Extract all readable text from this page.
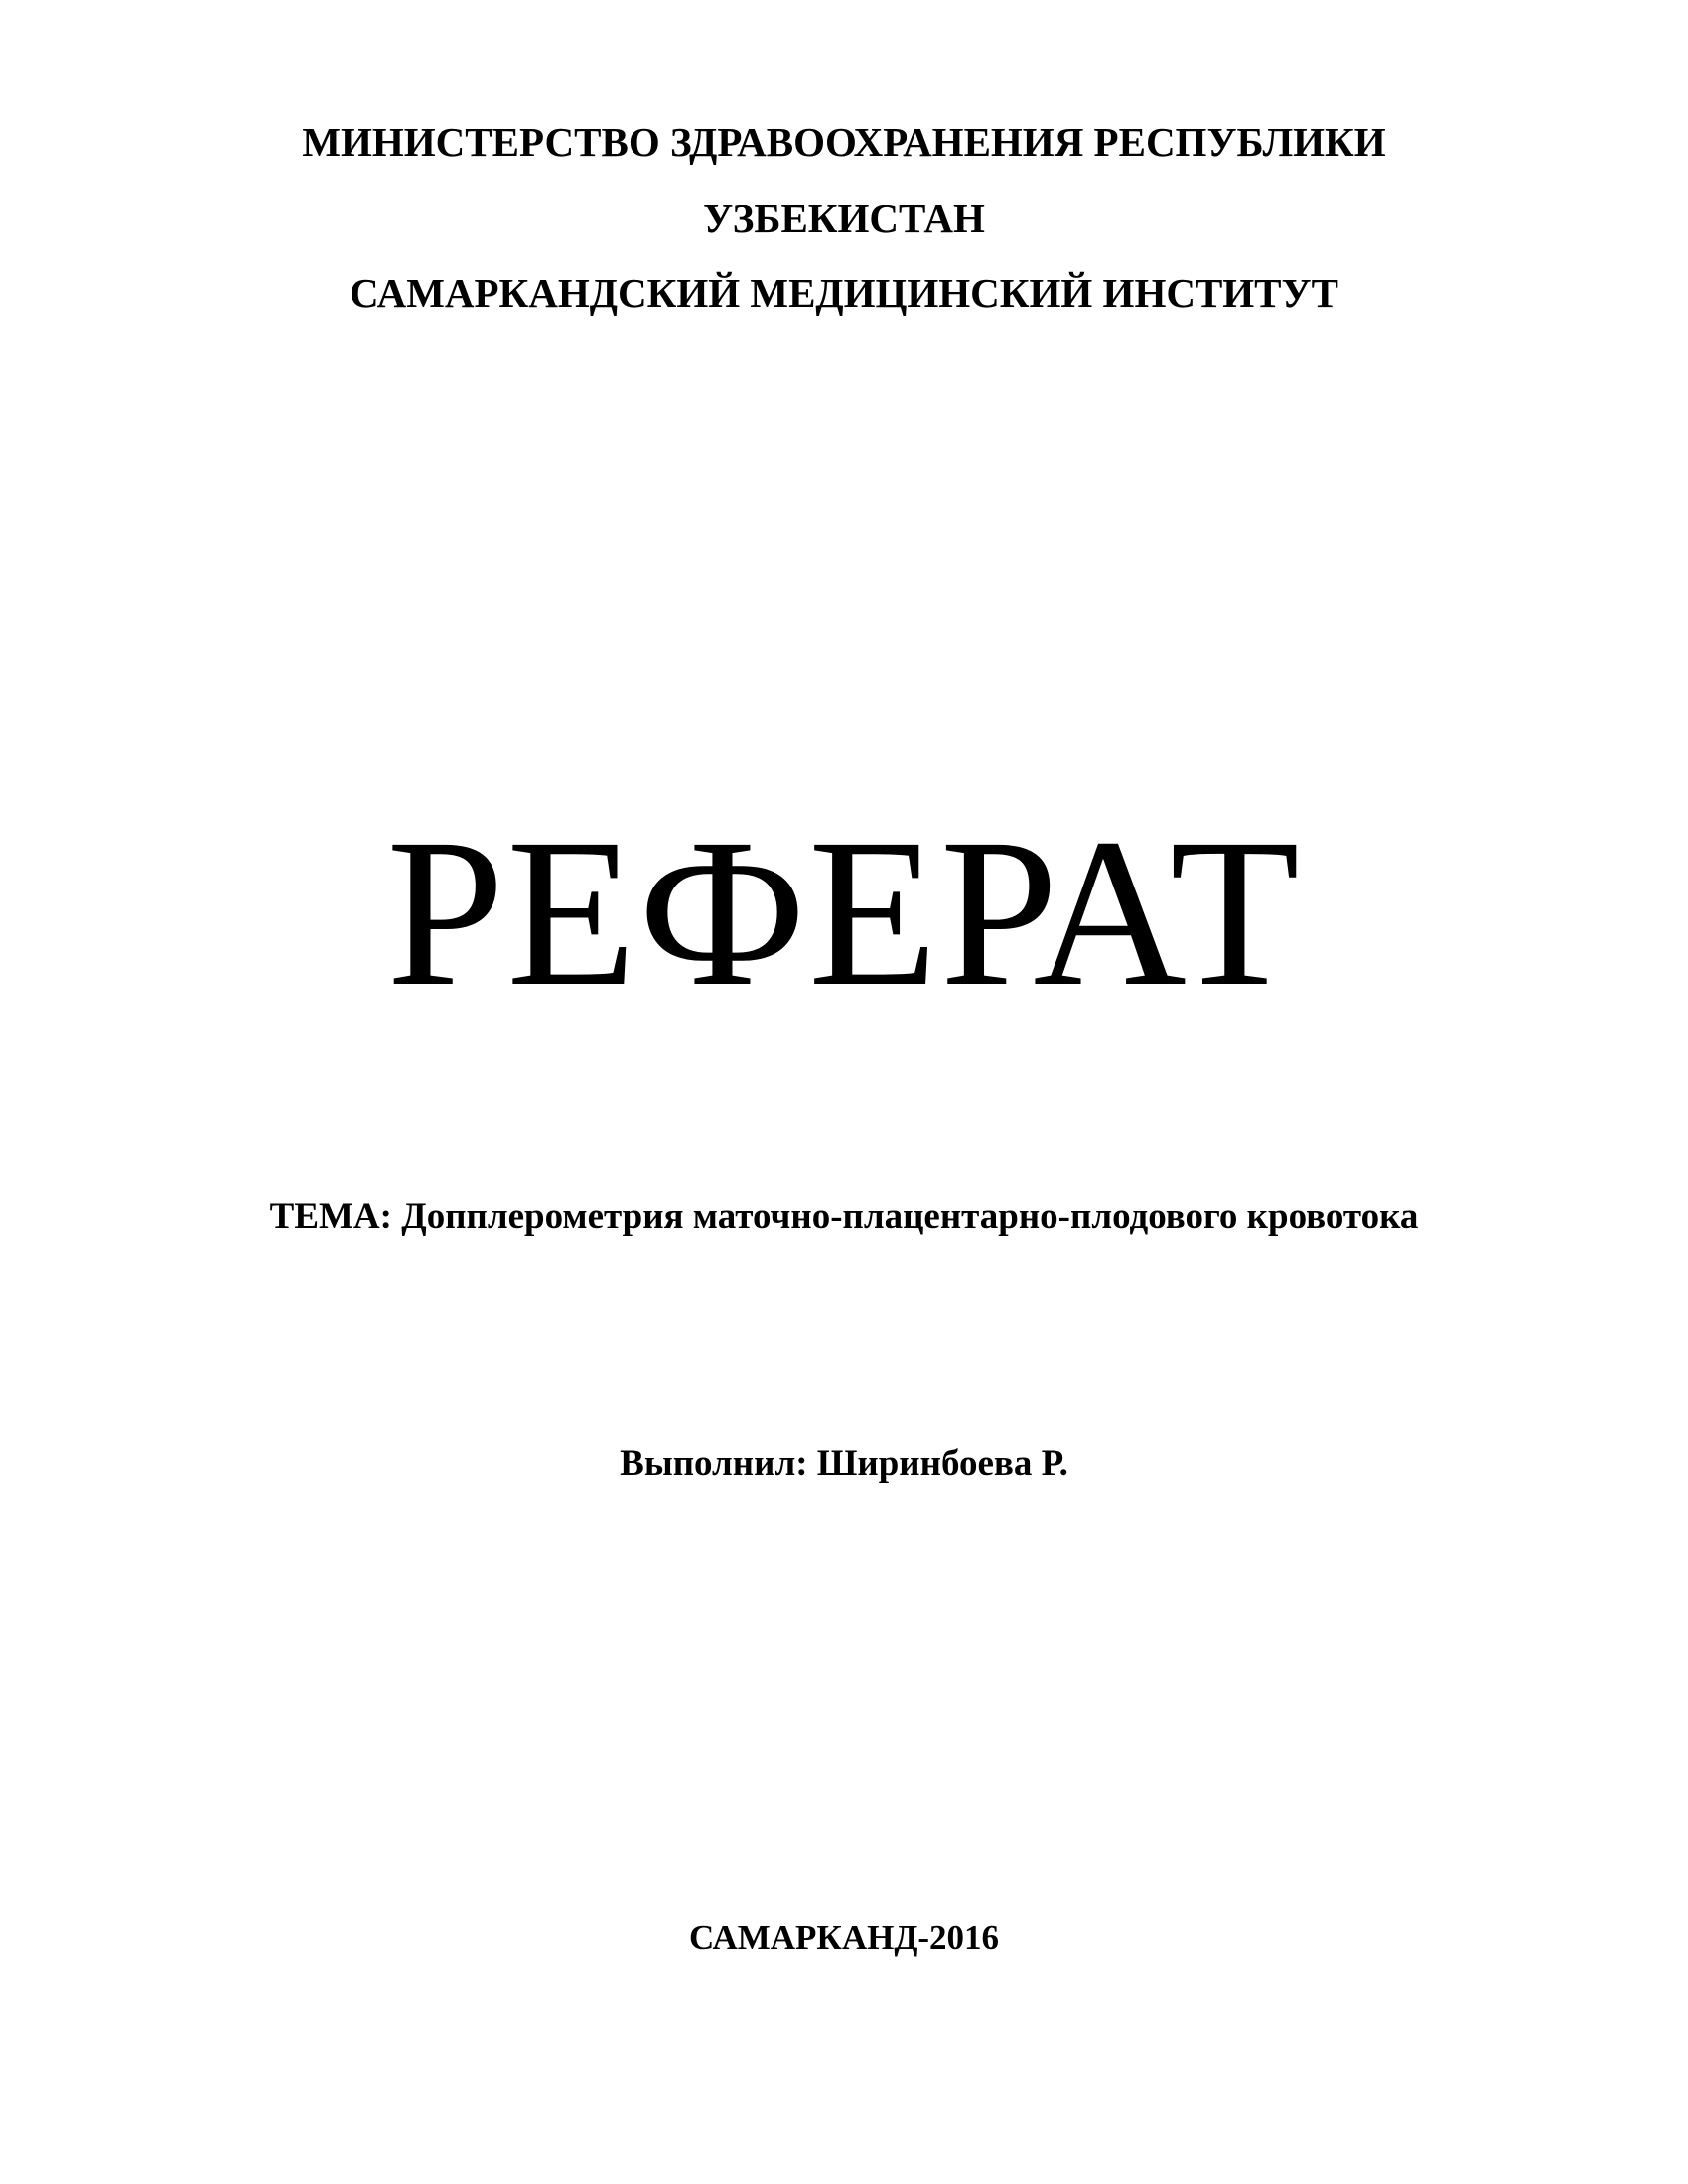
МИНИСТЕРСТВО ЗДРАВООХРАНЕНИЯ РЕСПУБЛИКИ
УЗБЕКИСТАН
САМАРКАНДСКИЙ МЕДИЦИНСКИЙ ИНСТИТУТ
РЕФЕРАТ
ТЕМА: Допплерометрия маточно-плацентарно-плодового кровотока
Выполнил: Ширинбоева Р.
САМАРКАНД-2016
